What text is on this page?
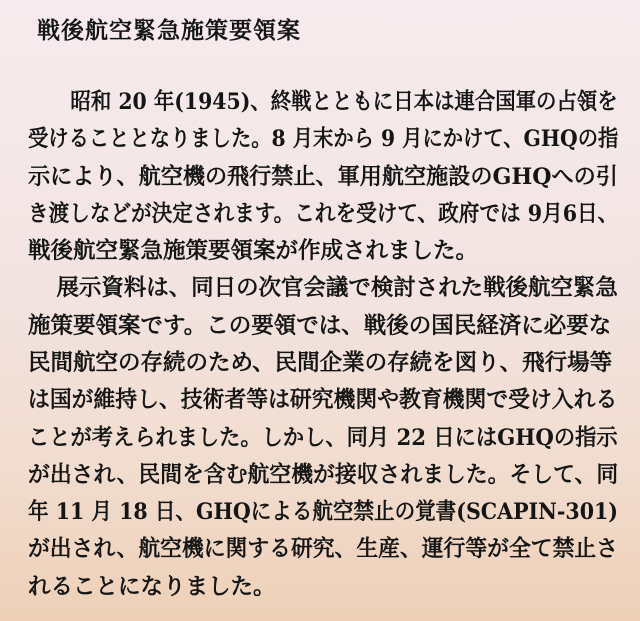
戦後航空緊急施策要領案
　昭和 20 年(1945)、終戦とともに日本は連合国軍の占領を
受けることとなりました。8 月末から 9 月にかけて、GHQの指
示により、航空機の飛行禁止、軍用航空施設のGHQへの引
き渡しなどが決定されます。これを受けて、政府では 9月6日、
戦後航空緊急施策要領案が作成されました。
　展示資料は、同日の次官会議で検討された戦後航空緊急
施策要領案です。この要領では、戦後の国民経済に必要な
民間航空の存続のため、民間企業の存続を図り、飛行場等
は国が維持し、技術者等は研究機関や教育機関で受け入れる
ことが考えられました。しかし、同月 22 日にはGHQの指示
が出され、民間を含む航空機が接収されました。そして、同
年 11 月 18 日、GHQによる航空禁止の覚書(SCAPIN-301)
が出され、航空機に関する研究、生産、運行等が全て禁止さ
れることになりました。
